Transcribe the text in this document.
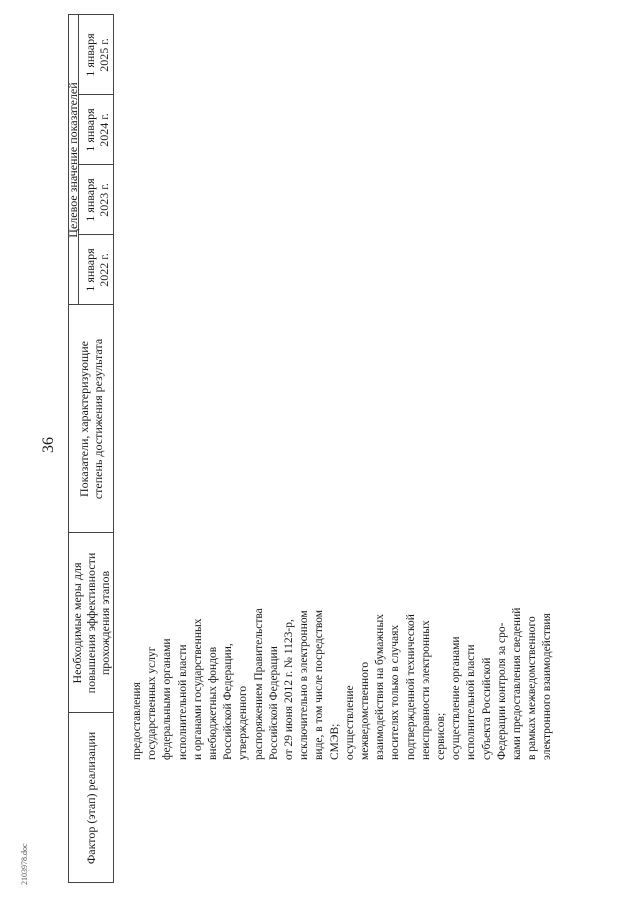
36
Фактор (этап) реализации
Необходимые меры для повышения эффективности прохождения этапов
Показатели, характеризующие степень достижения результата
Целевое значение показателей
1 января 2022 г.
1 января 2023 г.
1 января 2024 г.
1 января 2025 г.
предоставления государственных услуг федеральными органами исполнительной власти и органами государственных внебюджетных фондов Российской Федерации, утвержденного распоряжением Правительства Российской Федерации от 29 июня 2012 г. № 1123-р, исключительно в электронном виде, в том числе посредством СМЭВ; осуществление межведомственного взаимодействия на бумажных носителях только в случаях подтвержденной технической неисправности электронных сервисов; осуществление органами исполнительной власти субъекта Российской Федерации контроля за сро- ками предоставления сведений в рамках межведомственного электронного взаимодействия
2103978.doc
